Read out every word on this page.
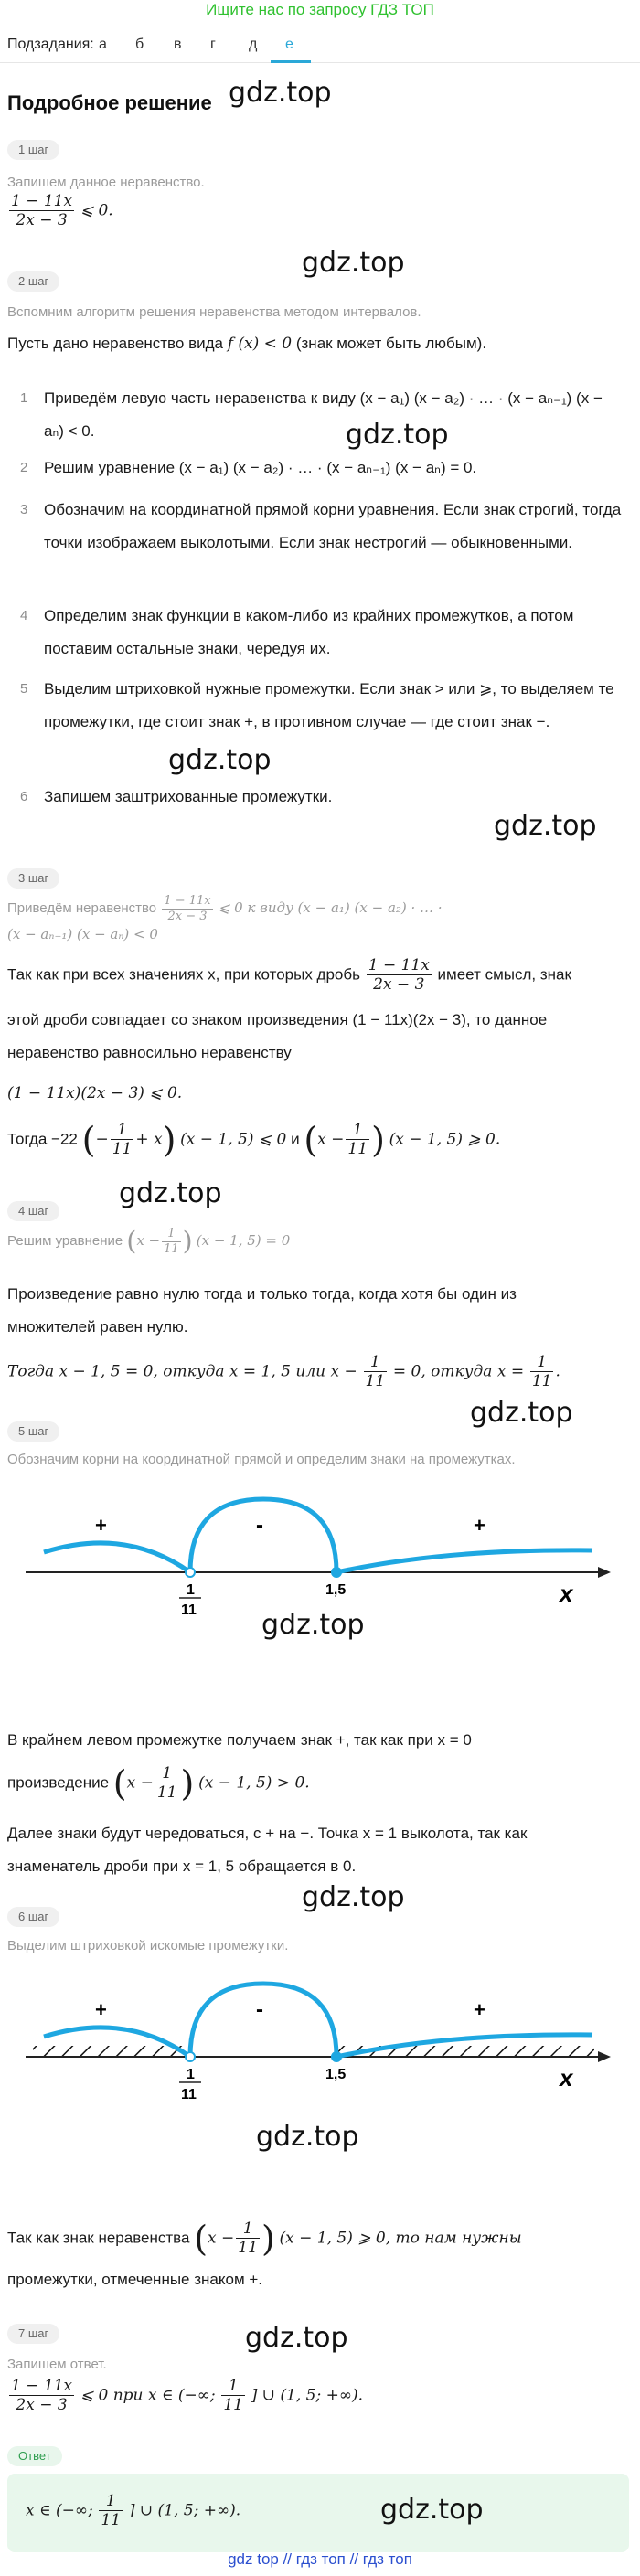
Ищите нас по запросу ГДЗ ТОП
Подзадания: а б в г д е
Подробное решение gdz.top
1 шаг
Запишем данное неравенство.
$\frac{1 - 11x}{2x - 3}$ ⩽ 0.
gdz.top
2 шаг
Вспомним алгоритм решения неравенства методом интервалов.
Пусть дано неравенство вида f (x) < 0 (знак может быть любым).
1	Приведём левую часть неравенства к виду (x − a₁) (x − a₂) · … · (x − aₙ₋₁) (x − aₙ) < 0.	gdz.top
2	Решим уравнение (x − a₁) (x − a₂) · … · (x − aₙ₋₁) (x − aₙ) = 0.
3	Обозначим на координатной прямой корни уравнения. Если знак строгий, тогда точки изображаем выколотыми. Если знак нестрогий — обыкновенными.
4	Определим знак функции в каком-либо из крайних промежутков, а потом поставим остальные знаки, чередуя их.
5	Выделим штриховкой нужные промежутки. Если знак > или ⩾, то выделяем те промежутки, где стоит знак +, в противном случае — где стоит знак −.
gdz.top
6	Запишем заштрихованные промежутки.
gdz.top
3 шаг
Приведём неравенство $\frac{1 - 11x}{2x - 3}$ ⩽ 0 к виду (x − a₁) (x − a₂) · … ·
(x − aₙ₋₁) (x − aₙ) < 0
Так как при всех значениях x, при которых дробь $\frac{1 - 11x}{2x - 3}$ имеет смысл, знак
этой дроби совпадает со знаком произведения (1 − 11x)(2x − 3), то данное
неравенство равносильно неравенству
(1 − 11x)(2x − 3) ⩽ 0.
Тогда −22 (− $\frac{1}{11} + x$) (x − 1, 5) ⩽ 0 и ($x - \frac{1}{11}$ ) (x − 1, 5) ⩾ 0.
gdz.top
4 шаг
Решим уравнение ($x - \frac{1}{11}$ ) (x − 1, 5) = 0
Произведение равно нулю тогда и только тогда, когда хотя бы один из
множителей равен нулю.
Тогда x − 1, 5 = 0, откуда x = 1, 5 или $x - \frac{1}{11} = 0$, откуда $x = \frac{1}{11}$ .
gdz.top
5 шаг
Обозначим корни на координатной прямой и определим знаки на промежутках.
+	-	+
1
11
1,5	x
gdz.top
В крайнем левом промежутке получаем знак +, так как при x = 0
произведение ($x - \frac{1}{11}$ ) (x − 1, 5) > 0.
Далее знаки будут чередоваться, с + на −. Точка x = 1 выколота, так как
знаменатель дроби при x = 1, 5 обращается в 0.
gdz.top
6 шаг
Выделим штриховкой искомые промежутки.
+	-	+
1
11
1,5	x
gdz.top
Так как знак неравенства ($x - \frac{1}{11}$ ) (x − 1, 5) ⩾ 0, то нам нужны
промежутки, отмеченные знаком +.
gdz.top
7 шаг
Запишем ответ.
$\frac{1 - 11x}{2x - 3}$ ⩽ 0 при x ∈ (−∞; $\frac{1}{11}$ ] ∪ (1, 5; +∞).
Ответ
x ∈ (−∞; $\frac{1}{11}$ ] ∪ (1, 5; +∞).	gdz.top
gdz top // гдз топ // гдз топ
